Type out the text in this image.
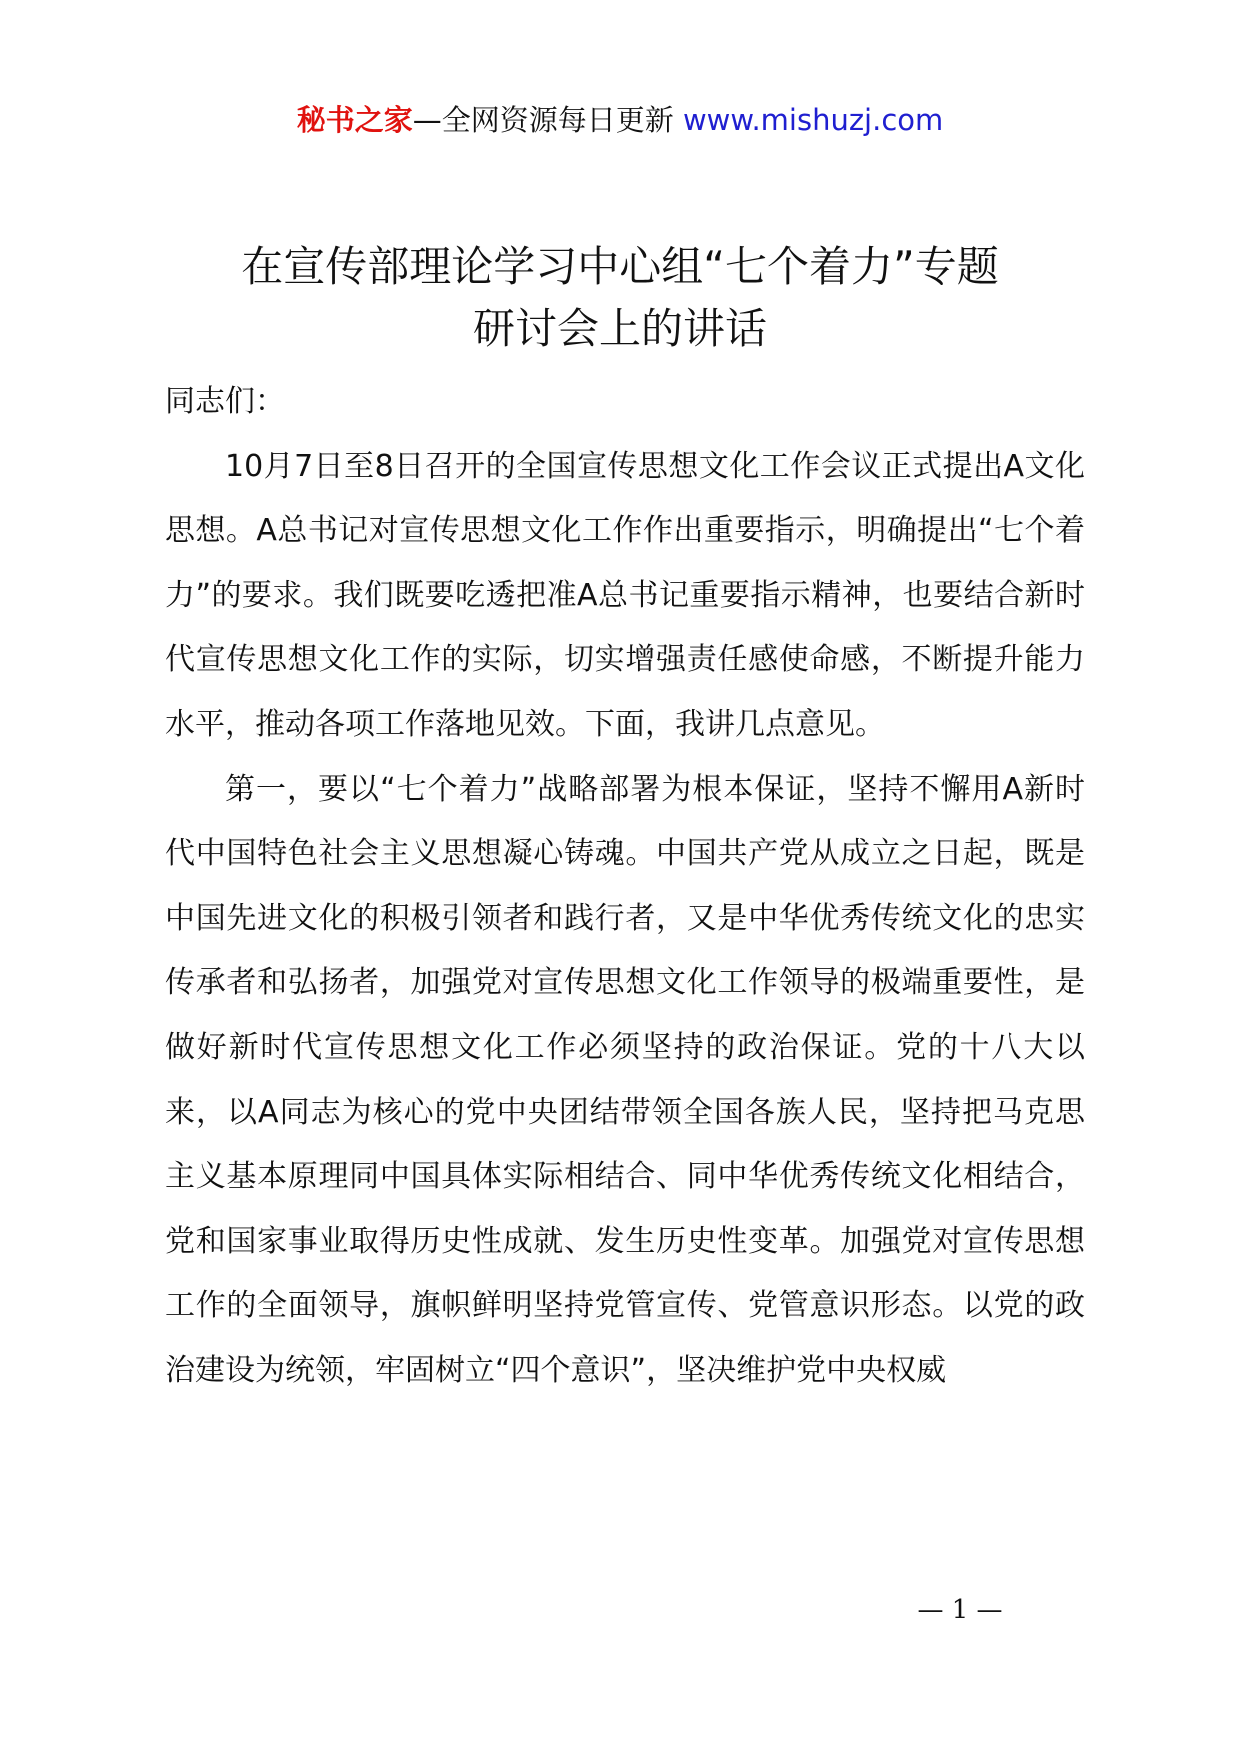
秘书之家—全网资源每日更新 www.mishuzj.com
在宣传部理论学习中心组“七个着力”专题
研讨会上的讲话

同志们：

10月7日至8日召开的全国宣传思想文化工作会议正式提出A文化思想。A总书记对宣传思想文化工作作出重要指示，明确提出“七个着力”的要求。我们既要吃透把准A总书记重要指示精神，也要结合新时代宣传思想文化工作的实际，切实增强责任感使命感，不断提升能力水平，推动各项工作落地见效。下面，我讲几点意见。

第一，要以“七个着力”战略部署为根本保证，坚持不懈用A新时代中国特色社会主义思想凝心铸魂。中国共产党从成立之日起，既是中国先进文化的积极引领者和践行者，又是中华优秀传统文化的忠实传承者和弘扬者，加强党对宣传思想文化工作领导的极端重要性，是做好新时代宣传思想文化工作必须坚持的政治保证。党的十八大以来，以A同志为核心的党中央团结带领全国各族人民，坚持把马克思主义基本原理同中国具体实际相结合、同中华优秀传统文化相结合，党和国家事业取得历史性成就、发生历史性变革。加强党对宣传思想工作的全面领导，旗帜鲜明坚持党管宣传、党管意识形态。以党的政治建设为统领，牢固树立“四个意识”，坚决维护党中央权威

— 1 —
